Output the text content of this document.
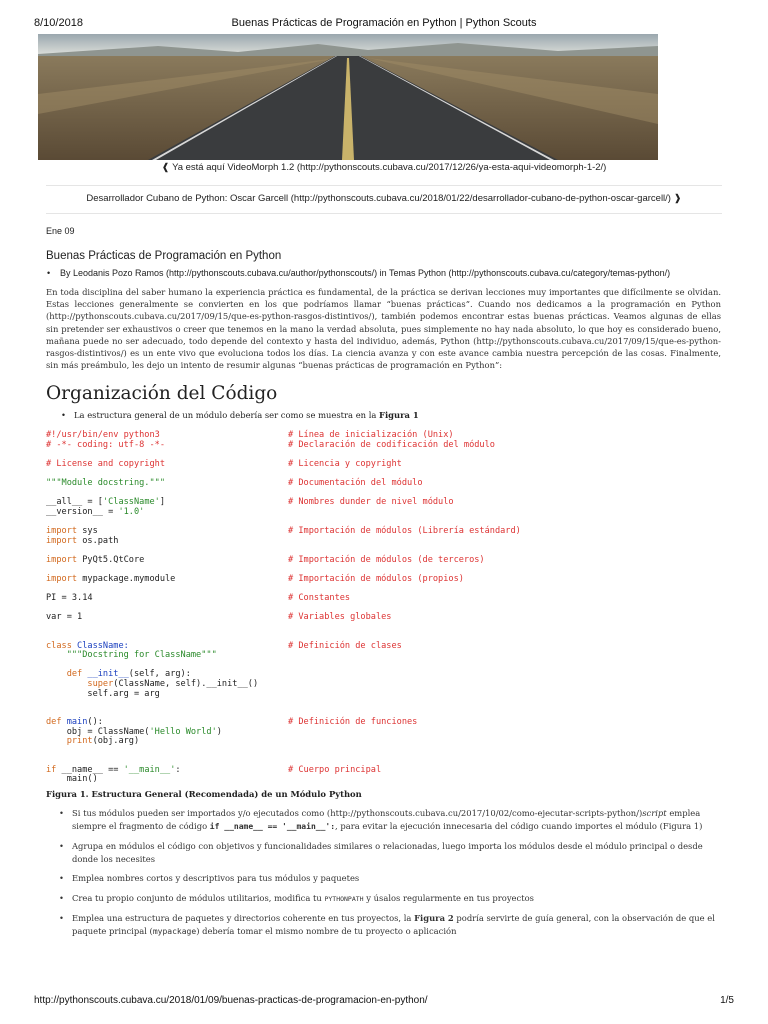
8/10/2018	Buenas Prácticas de Programación en Python | Python Scouts
❰ Ya está aquí VideoMorph 1.2 (http://pythonscouts.cubava.cu/2017/12/26/ya-esta-aqui-videomorph-1-2/)
Desarrollador Cubano de Python: Oscar Garcell (http://pythonscouts.cubava.cu/2018/01/22/desarrollador-cubano-de-python-oscar-garcell/) ❱
Ene 09
Buenas Prácticas de Programación en Python
• By Leodanis Pozo Ramos (http://pythonscouts.cubava.cu/author/pythonscouts/) in Temas Python (http://pythonscouts.cubava.cu/category/temas-python/)
En toda disciplina del saber humano la experiencia práctica es fundamental, de la práctica se derivan lecciones muy importantes que difícilmente se olvidan. Estas lecciones generalmente se convierten en los que podríamos llamar “buenas prácticas”. Cuando nos dedicamos a la programación en Python (http://pythonscouts.cubava.cu/2017/09/15/que-es-python-rasgos-distintivos/), también podemos encontrar estas buenas prácticas. Veamos algunas de ellas sin pretender ser exhaustivos o creer que tenemos en la mano la verdad absoluta, pues simplemente no hay nada absoluto, lo que hoy es considerado bueno, mañana puede no ser adecuado, todo depende del contexto y hasta del individuo, además, Python (http://pythonscouts.cubava.cu/2017/09/15/que-es-python-rasgos-distintivos/) es un ente vivo que evoluciona todos los días. La ciencia avanza y con este avance cambia nuestra percepción de las cosas. Finalmente, sin más preámbulo, les dejo un intento de resumir algunas “buenas prácticas de programación en Python”:
Organización del Código
• La estructura general de un módulo debería ser como se muestra en la Figura 1
#!/usr/bin/env python3
# -*- coding: utf-8 -*-
# License and copyright
"""Module docstring."""
__all__ = ['ClassName']
__version__ = '1.0'
import sys
import os.path
import PyQt5.QtCore
import mypackage.mymodule
PI = 3.14
var = 1
class ClassName:
"""Docstring for ClassName"""
def __init__(self, arg):
super(ClassName, self).__init__()
self.arg = arg
def main():
obj = ClassName('Hello World')
print(obj.arg)
if __name__ == '__main__':
main()
# Línea de inicialización (Unix)
# Declaración de codificación del módulo
# Licencia y copyright
# Documentación del módulo
# Nombres dunder de nivel módulo
# Importación de módulos (Librería estándard)
# Importación de módulos (de terceros)
# Importación de módulos (propios)
# Constantes
# Variables globales
# Definición de clases
# Definición de funciones
# Cuerpo principal
Figura 1. Estructura General (Recomendada) de un Módulo Python
• Si tus módulos pueden ser importados y/o ejecutados como (http://pythonscouts.cubava.cu/2017/10/02/como-ejecutar-scripts-python/)script emplea siempre el fragmento de código if __name__ == '__main__':, para evitar la ejecución innecesaria del código cuando importes el módulo (Figura 1)
• Agrupa en módulos el código con objetivos y funcionalidades similares o relacionadas, luego importa los módulos desde el módulo principal o desde donde los necesites
• Emplea nombres cortos y descriptivos para tus módulos y paquetes
• Crea tu propio conjunto de módulos utilitarios, modifica tu PYTHONPATH y úsalos regularmente en tus proyectos
• Emplea una estructura de paquetes y directorios coherente en tus proyectos, la Figura 2 podría servirte de guía general, con la observación de que el paquete principal (mypackage) debería tomar el mismo nombre de tu proyecto o aplicación
http://pythonscouts.cubava.cu/2018/01/09/buenas-practicas-de-programacion-en-python/	1/5
